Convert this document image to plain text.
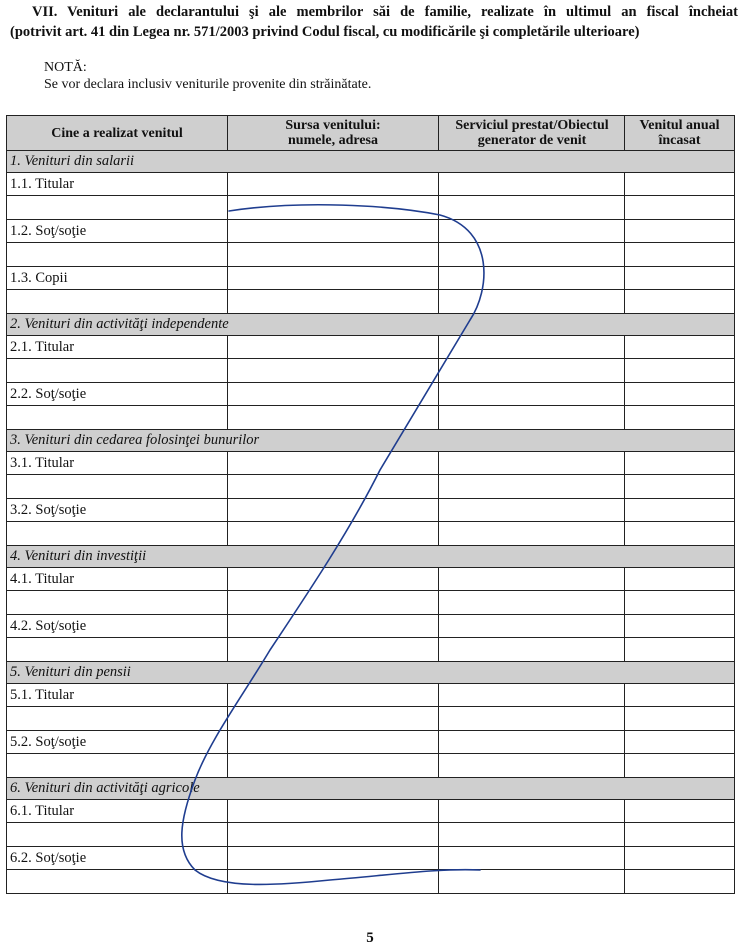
VII. Venituri ale declarantului şi ale membrilor săi de familie, realizate în ultimul an fiscal încheiat
(potrivit art. 41 din Legea nr. 571/2003 privind Codul fiscal, cu modificările şi completările ulterioare)
NOTĂ:
Se vor declara inclusiv veniturile provenite din străinătate.
Cine a realizat venitul	Sursa venitului: numele, adresa	Serviciul prestat/Obiectul generator de venit	Venitul anual încasat
1. Venituri din salarii			
1.1. Titular			

1.2. Soţ/soţie			

1.3. Copii			

2. Venituri din activităţi independente			
2.1. Titular			

2.2. Soţ/soţie			

3. Venituri din cedarea folosinţei bunurilor			
3.1. Titular			

3.2. Soţ/soţie			

4. Venituri din investiţii			
4.1. Titular			

4.2. Soţ/soţie			

5. Venituri din pensii			
5.1. Titular			

5.2. Soţ/soţie			

6. Venituri din activităţi agricole			
6.1. Titular			

6.2. Soţ/soţie			

5
